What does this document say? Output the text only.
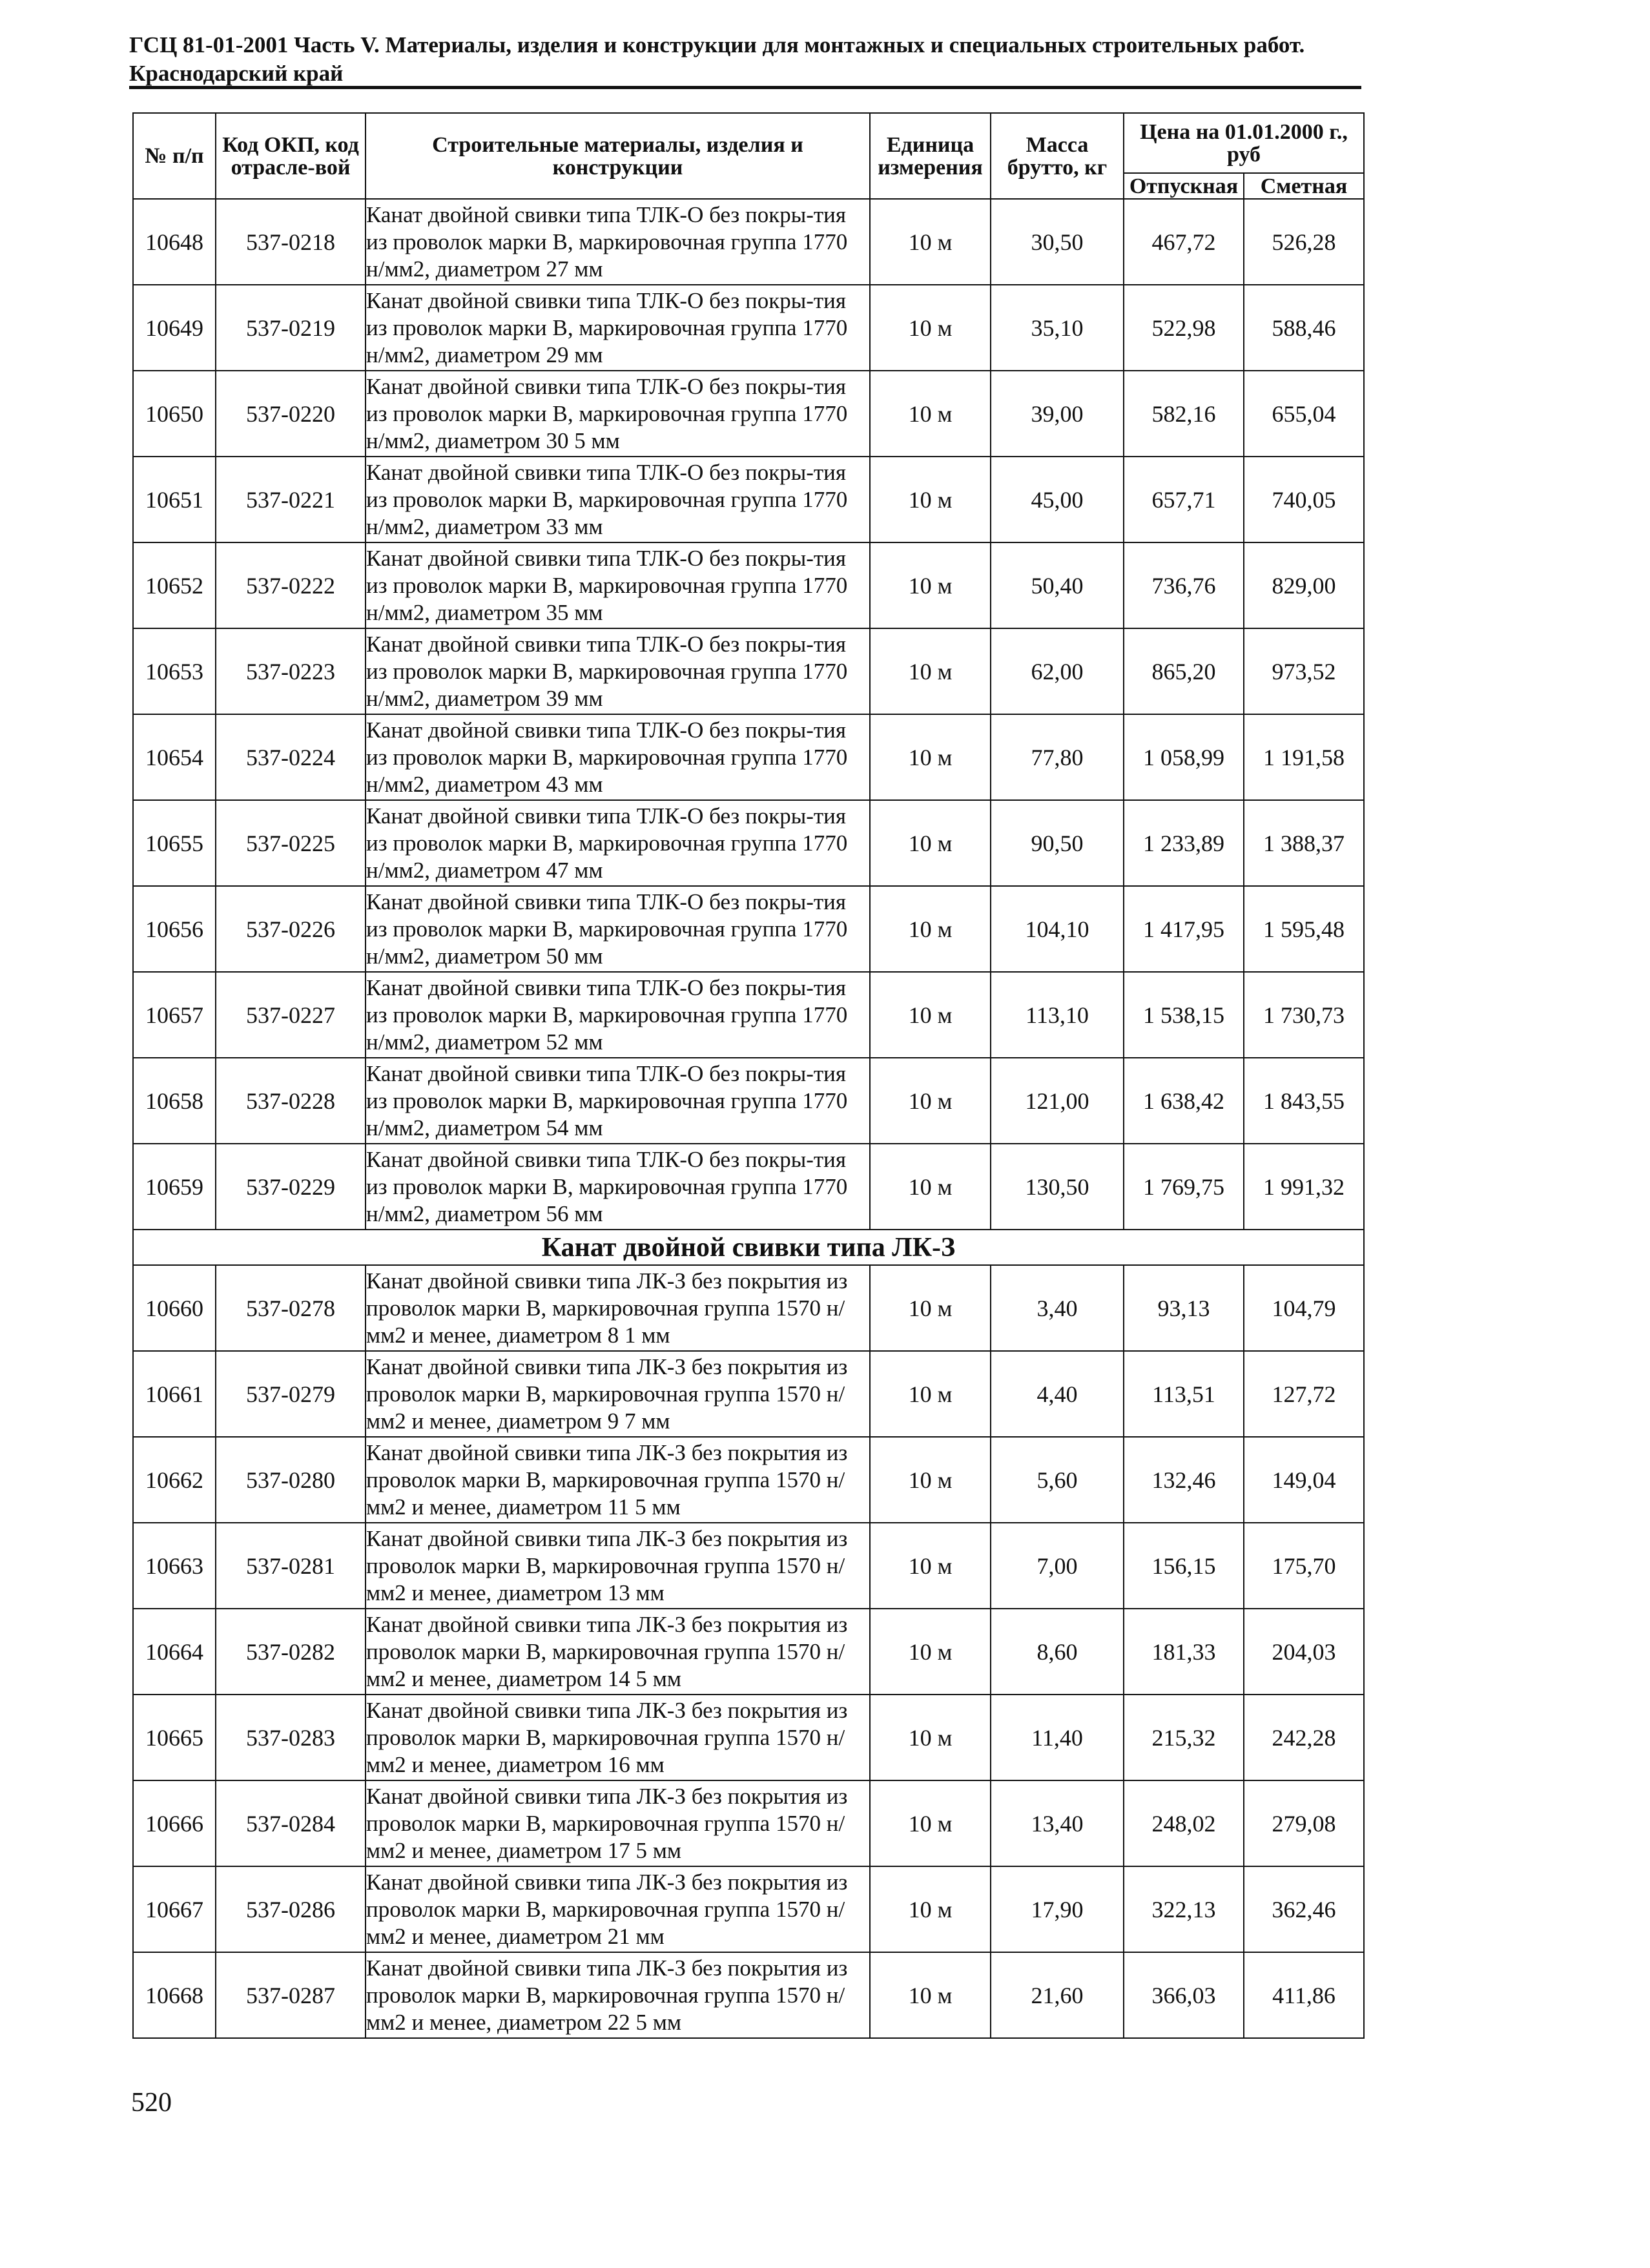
ГСЦ 81-01-2001 Часть V. Материалы, изделия и конструкции для монтажных и специальных строительных работ.
Краснодарский край
№ п/п	Код ОКП, код отрасле-вой	Строительные материалы, изделия и конструкции	Единица измерения	Масса брутто, кг	Цена на 01.01.2000 г., руб	
					Отпускная	Сметная
10648	537-0218	Канат двойной свивки типа ТЛК-О без покры-тия из проволок марки В, маркировочная группа 1770 н/мм2, диаметром 27 мм	10 м	30,50	467,72	526,28
10649	537-0219	Канат двойной свивки типа ТЛК-О без покры-тия из проволок марки В, маркировочная группа 1770 н/мм2, диаметром 29 мм	10 м	35,10	522,98	588,46
10650	537-0220	Канат двойной свивки типа ТЛК-О без покры-тия из проволок марки В, маркировочная группа 1770 н/мм2, диаметром 30 5 мм	10 м	39,00	582,16	655,04
10651	537-0221	Канат двойной свивки типа ТЛК-О без покры-тия из проволок марки В, маркировочная группа 1770 н/мм2, диаметром 33 мм	10 м	45,00	657,71	740,05
10652	537-0222	Канат двойной свивки типа ТЛК-О без покры-тия из проволок марки В, маркировочная группа 1770 н/мм2, диаметром 35 мм	10 м	50,40	736,76	829,00
10653	537-0223	Канат двойной свивки типа ТЛК-О без покры-тия из проволок марки В, маркировочная группа 1770 н/мм2, диаметром 39 мм	10 м	62,00	865,20	973,52
10654	537-0224	Канат двойной свивки типа ТЛК-О без покры-тия из проволок марки В, маркировочная группа 1770 н/мм2, диаметром 43 мм	10 м	77,80	1 058,99	1 191,58
10655	537-0225	Канат двойной свивки типа ТЛК-О без покры-тия из проволок марки В, маркировочная группа 1770 н/мм2, диаметром 47 мм	10 м	90,50	1 233,89	1 388,37
10656	537-0226	Канат двойной свивки типа ТЛК-О без покры-тия из проволок марки В, маркировочная группа 1770 н/мм2, диаметром 50 мм	10 м	104,10	1 417,95	1 595,48
10657	537-0227	Канат двойной свивки типа ТЛК-О без покры-тия из проволок марки В, маркировочная группа 1770 н/мм2, диаметром 52 мм	10 м	113,10	1 538,15	1 730,73
10658	537-0228	Канат двойной свивки типа ТЛК-О без покры-тия из проволок марки В, маркировочная группа 1770 н/мм2, диаметром 54 мм	10 м	121,00	1 638,42	1 843,55
10659	537-0229	Канат двойной свивки типа ТЛК-О без покры-тия из проволок марки В, маркировочная группа 1770 н/мм2, диаметром 56 мм	10 м	130,50	1 769,75	1 991,32
Канат двойной свивки типа ЛК-З						
10660	537-0278	Канат двойной свивки типа ЛК-З без покрытия из проволок марки В, маркировочная группа 1570 н/мм2 и менее, диаметром 8 1 мм	10 м	3,40	93,13	104,79
10661	537-0279	Канат двойной свивки типа ЛК-З без покрытия из проволок марки В, маркировочная группа 1570 н/мм2 и менее, диаметром 9 7 мм	10 м	4,40	113,51	127,72
10662	537-0280	Канат двойной свивки типа ЛК-З без покрытия из проволок марки В, маркировочная группа 1570 н/мм2 и менее, диаметром 11 5 мм	10 м	5,60	132,46	149,04
10663	537-0281	Канат двойной свивки типа ЛК-З без покрытия из проволок марки В, маркировочная группа 1570 н/мм2 и менее, диаметром 13 мм	10 м	7,00	156,15	175,70
10664	537-0282	Канат двойной свивки типа ЛК-З без покрытия из проволок марки В, маркировочная группа 1570 н/мм2 и менее, диаметром 14 5 мм	10 м	8,60	181,33	204,03
10665	537-0283	Канат двойной свивки типа ЛК-З без покрытия из проволок марки В, маркировочная группа 1570 н/мм2 и менее, диаметром 16 мм	10 м	11,40	215,32	242,28
10666	537-0284	Канат двойной свивки типа ЛК-З без покрытия из проволок марки В, маркировочная группа 1570 н/мм2 и менее, диаметром 17 5 мм	10 м	13,40	248,02	279,08
10667	537-0286	Канат двойной свивки типа ЛК-З без покрытия из проволок марки В, маркировочная группа 1570 н/мм2 и менее, диаметром 21 мм	10 м	17,90	322,13	362,46
10668	537-0287	Канат двойной свивки типа ЛК-З без покрытия из проволок марки В, маркировочная группа 1570 н/мм2 и менее, диаметром 22 5 мм	10 м	21,60	366,03	411,86
520
